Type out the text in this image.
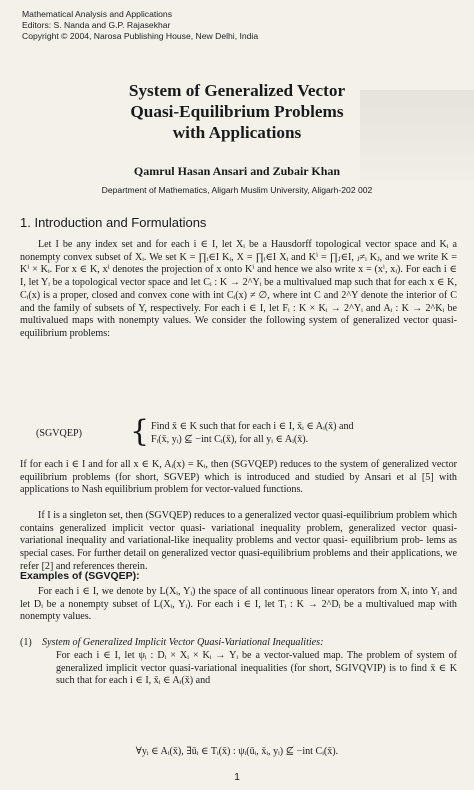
Mathematical Analysis and Applications
Editors: S. Nanda and G.P. Rajasekhar
Copyright © 2004, Narosa Publishing House, New Delhi, India
System of Generalized Vector
Quasi-Equilibrium Problems
with Applications
Qamrul Hasan Ansari and Zubair Khan
Department of Mathematics, Aligarh Muslim University, Aligarh-202 002
1. Introduction and Formulations
Let I be any index set and for each i ∈ I, let Xᵢ be a Hausdorff topological vector space and Kᵢ a nonempty convex subset of Xᵢ. We set K = ∏ᵢ∈I Kᵢ, X = ∏ᵢ∈I Xᵢ and Kⁱ = ∏ⱼ∈I, ⱼ≠ᵢ Kⱼ, and we write K = Kⁱ × Kᵢ. For x ∈ K, xⁱ denotes the projection of x onto Kⁱ and hence we also write x = (xⁱ, xᵢ). For each i ∈ I, let Yᵢ be a topological vector space and let Cᵢ : K → 2^Yᵢ be a multivalued map such that for each x ∈ K, Cᵢ(x) is a proper, closed and convex cone with int Cᵢ(x) ≠ ∅, where int C and 2^Y denote the interior of C and the family of subsets of Y, respectively. For each i ∈ I, let Fᵢ : K × Kᵢ → 2^Yᵢ and Aᵢ : K → 2^Kᵢ be multivalued maps with nonempty values. We consider the following system of generalized vector quasi-equilibrium problems:
(SGVQEP) { Find x̄ ∈ K such that for each i ∈ I, x̄ᵢ ∈ Aᵢ(x̄) and
Fᵢ(x̄, yᵢ) ⊈ −int Cᵢ(x̄), for all yᵢ ∈ Aᵢ(x̄).
If for each i ∈ I and for all x ∈ K, Aᵢ(x) = Kᵢ, then (SGVQEP) reduces to the system of generalized vector equilibrium problems (for short, SGVEP) which is introduced and studied by Ansari et al [5] with applications to Nash equilibrium problem for vector-valued functions.
If I is a singleton set, then (SGVQEP) reduces to a generalized vector quasi-equilibrium problem which contains generalized implicit vector quasi- variational inequality problem, generalized vector quasi-variational inequality and variational-like inequality problems and vector quasi- equilibrium prob- lems as special cases. For further detail on generalized vector quasi-equilibrium problems and their applications, we refer [2] and references therein.
Examples of (SGVQEP):
For each i ∈ I, we denote by L(Xᵢ, Yᵢ) the space of all continuous linear operators from Xᵢ into Yᵢ and let Dᵢ be a nonempty subset of L(Xᵢ, Yᵢ). For each i ∈ I, let Tᵢ : K → 2^Dᵢ be a multivalued map with nonempty values.
(1) System of Generalized Implicit Vector Quasi-Variational Inequalities:
For each i ∈ I, let ψᵢ : Dᵢ × Xᵢ × Kᵢ → Yᵢ be a vector-valued map. The problem of system of generalized implicit vector quasi-variational inequalities (for short, SGIVQVIP) is to find x̄ ∈ K such that for each i ∈ I, x̄ᵢ ∈ Aᵢ(x̄) and
∀yᵢ ∈ Aᵢ(x̄), ∃ūᵢ ∈ Tᵢ(x̄) : ψᵢ(ūᵢ, x̄ᵢ, yᵢ) ⊈ −int Cᵢ(x̄).
1
